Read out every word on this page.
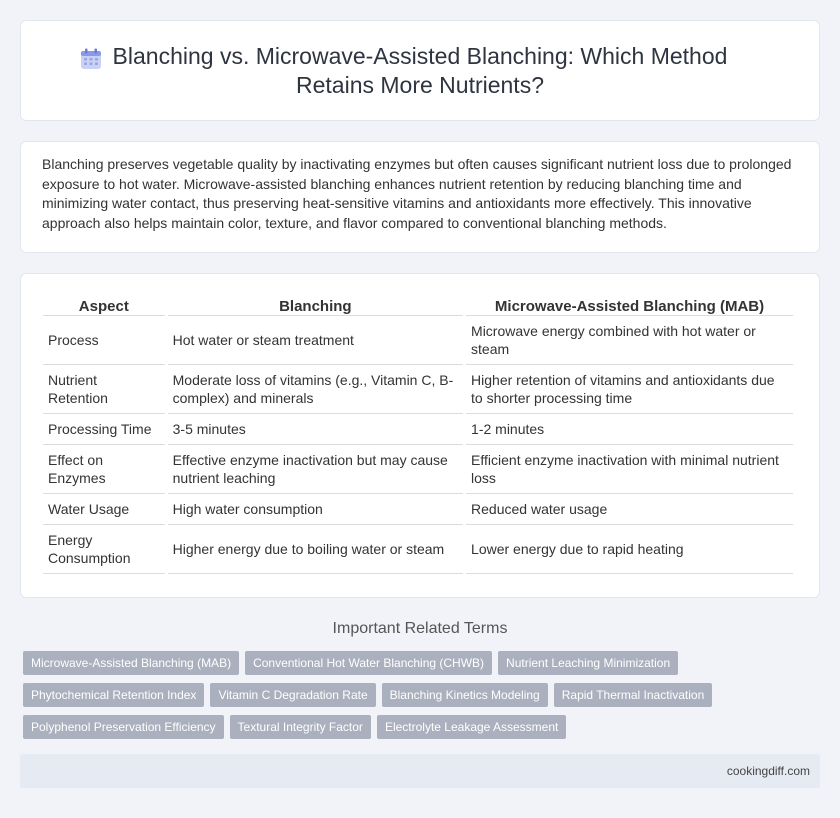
Blanching vs. Microwave-Assisted Blanching: Which Method Retains More Nutrients?

Blanching preserves vegetable quality by inactivating enzymes but often causes significant nutrient loss due to prolonged exposure to hot water. Microwave-assisted blanching enhances nutrient retention by reducing blanching time and minimizing water contact, thus preserving heat-sensitive vitamins and antioxidants more effectively. This innovative approach also helps maintain color, texture, and flavor compared to conventional blanching methods.

Aspect	Blanching	Microwave-Assisted Blanching (MAB)
Process	Hot water or steam treatment	Microwave energy combined with hot water or steam
Nutrient Retention	Moderate loss of vitamins (e.g., Vitamin C, B-complex) and minerals	Higher retention of vitamins and antioxidants due to shorter processing time
Processing Time	3-5 minutes	1-2 minutes
Effect on Enzymes	Effective enzyme inactivation but may cause nutrient leaching	Efficient enzyme inactivation with minimal nutrient loss
Water Usage	High water consumption	Reduced water usage
Energy Consumption	Higher energy due to boiling water or steam	Lower energy due to rapid heating
Important Related Terms
Microwave-Assisted Blanching (MAB)	Conventional Hot Water Blanching (CHWB)	Nutrient Leaching Minimization
Phytochemical Retention Index	Vitamin C Degradation Rate	Blanching Kinetics Modeling	Rapid Thermal Inactivation
Polyphenol Preservation Efficiency	Textural Integrity Factor	Electrolyte Leakage Assessment
cookingdiff.com
